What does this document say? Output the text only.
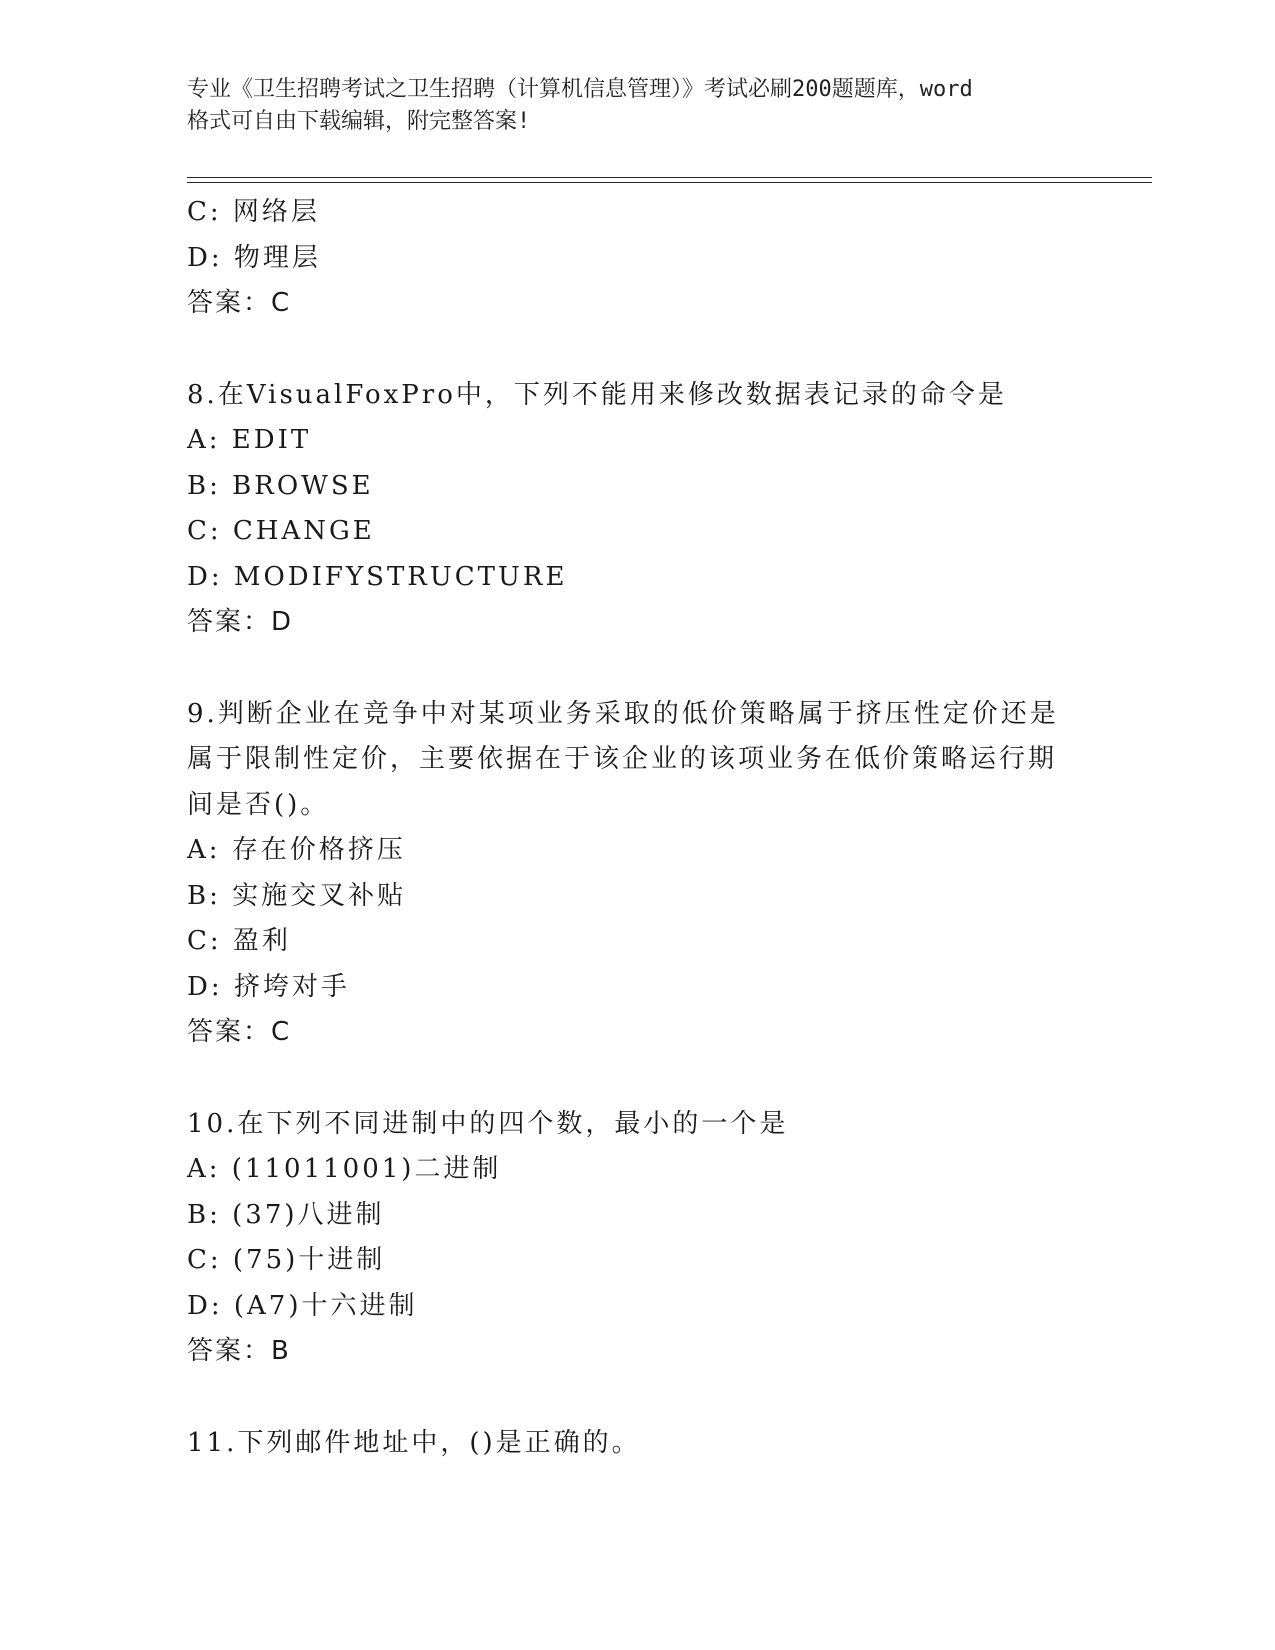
专业《卫生招聘考试之卫生招聘（计算机信息管理）》考试必刷200题题库，word
格式可自由下载编辑，附完整答案!
C: 网络层
D: 物理层
答案：C
8.在VisualFoxPro中，下列不能用来修改数据表记录的命令是
A: EDIT
B: BROWSE
C: CHANGE
D: MODIFYSTRUCTURE
答案：D
9.判断企业在竞争中对某项业务采取的低价策略属于挤压性定价还是
属于限制性定价，主要依据在于该企业的该项业务在低价策略运行期
间是否()。
A: 存在价格挤压
B: 实施交叉补贴
C: 盈利
D: 挤垮对手
答案：C
10.在下列不同进制中的四个数，最小的一个是
A: (11011001)二进制
B: (37)八进制
C: (75)十进制
D: (A7)十六进制
答案：B
11.下列邮件地址中，()是正确的。
